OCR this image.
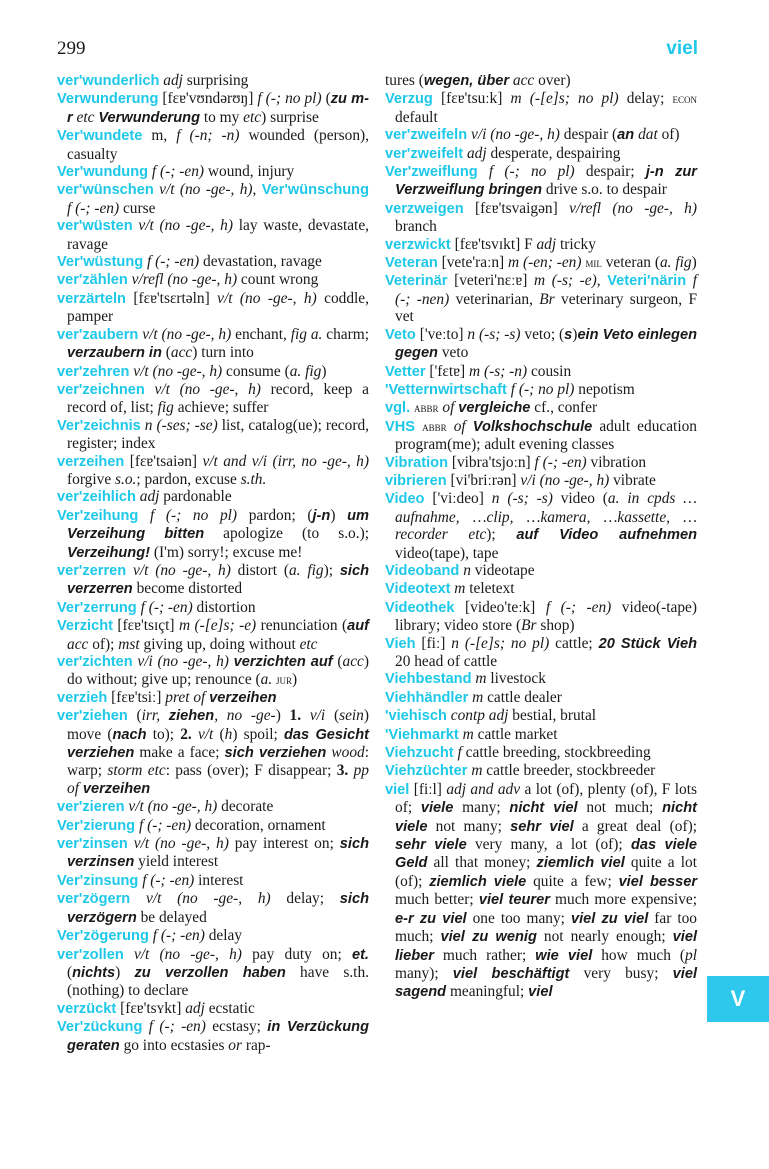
299	viel

ver'wunderlich adj surprising

Verwunderung [fɛɐ'vʊndərʊŋ] f (-; no pl) (zu m-r etc Verwunderung to my etc) surprise

Ver'wundete m, f (-n; -n) wounded (person), casualty

Ver'wundung f (-; -en) wound, injury

ver'wünschen v/t (no -ge-, h), Ver'wünschung f (-; -en) curse

ver'wüsten v/t (no -ge-, h) lay waste, devastate, ravage

Ver'wüstung f (-; -en) devastation, ravage

ver'zählen v/refl (no -ge-, h) count wrong

verzärteln [fɛɐ'tsɛrtəln] v/t (no -ge-, h) coddle, pamper

ver'zaubern v/t (no -ge-, h) enchant, fig a. charm; verzaubern in (acc) turn into

ver'zehren v/t (no -ge-, h) consume (a. fig)

ver'zeichnen v/t (no -ge-, h) record, keep a record of, list; fig achieve; suffer

Ver'zeichnis n (-ses; -se) list, catalog(ue); record, register; index

verzeihen [fɛɐ'tsaiən] v/t and v/i (irr, no -ge-, h) forgive s.o.; pardon, excuse s.th.

ver'zeihlich adj pardonable

Ver'zeihung f (-; no pl) pardon; (j-n) um Verzeihung bitten apologize (to s.o.); Verzeihung! (I'm) sorry!; excuse me!

ver'zerren v/t (no -ge-, h) distort (a. fig); sich verzerren become distorted

Ver'zerrung f (-; -en) distortion

Verzicht [fɛɐ'tsɪçt] m (-[e]s; -e) renunciation (auf acc of); mst giving up, doing without etc

ver'zichten v/i (no -ge-, h) verzichten auf (acc) do without; give up; renounce (a. jur)

verzieh [fɛɐ'tsiː] pret of verzeihen

ver'ziehen (irr, ziehen, no -ge-) 1. v/i (sein) move (nach to); 2. v/t (h) spoil; das Gesicht verziehen make a face; sich verziehen wood: warp; storm etc: pass (over); F disappear; 3. pp of verzeihen

ver'zieren v/t (no -ge-, h) decorate

Ver'zierung f (-; -en) decoration, ornament

ver'zinsen v/t (no -ge-, h) pay interest on; sich verzinsen yield interest

Ver'zinsung f (-; -en) interest

ver'zögern v/t (no -ge-, h) delay; sich verzögern be delayed

Ver'zögerung f (-; -en) delay

ver'zollen v/t (no -ge-, h) pay duty on; et. (nichts) zu verzollen haben have s.th. (nothing) to declare

verzückt [fɛɐ'tsʏkt] adj ecstatic

Ver'zückung f (-; -en) ecstasy; in Verzückung geraten go into ecstasies or rap-

tures (wegen, über acc over)

Verzug [fɛɐ'tsuːk] m (-[e]s; no pl) delay; econ default

ver'zweifeln v/i (no -ge-, h) despair (an dat of)

ver'zweifelt adj desperate, despairing

Ver'zweiflung f (-; no pl) despair; j-n zur Verzweiflung bringen drive s.o. to despair

verzweigen [fɛɐ'tsvaigən] v/refl (no -ge-, h) branch

verzwickt [fɛɐ'tsvɪkt] F adj tricky

Veteran [vete'raːn] m (-en; -en) mil veteran (a. fig)

Veterinär [veteri'nɛːɐ] m (-s; -e), Veteri'närin f (-; -nen) veterinarian, Br veterinary surgeon, F vet

Veto ['veːto] n (-s; -s) veto; (s)ein Veto einlegen gegen veto

Vetter ['fɛtɐ] m (-s; -n) cousin

'Vetternwirtschaft f (-; no pl) nepotism

vgl. abbr of vergleiche cf., confer

VHS abbr of Volkshochschule adult education program(me); adult evening classes

Vibration [vibra'tsjoːn] f (-; -en) vibration

vibrieren [vi'briːrən] v/i (no -ge-, h) vibrate

Video ['viːdeo] n (-s; -s) video (a. in cpds …aufnahme, …clip, …kamera, …kassette, …recorder etc); auf Video aufnehmen video(tape), tape

Videoband n videotape

Videotext m teletext

Videothek [video'teːk] f (-; -en) video(-tape) library; video store (Br shop)

Vieh [fiː] n (-[e]s; no pl) cattle; 20 Stück Vieh 20 head of cattle

Viehbestand m livestock

Viehhändler m cattle dealer

'viehisch contp adj bestial, brutal

'Viehmarkt m cattle market

Viehzucht f cattle breeding, stockbreeding

Viehzüchter m cattle breeder, stockbreeder

viel [fiːl] adj and adv a lot (of), plenty (of), F lots of; viele many; nicht viel not much; nicht viele not many; sehr viel a great deal (of); sehr viele very many, a lot (of); das viele Geld all that money; ziemlich viel quite a lot (of); ziemlich viele quite a few; viel besser much better; viel teurer much more expensive; e-r zu viel one too many; viel zu viel far too much; viel zu wenig not nearly enough; viel lieber much rather; wie viel how much (pl many); viel beschäftigt very busy; viel sagend meaningful; viel	V
